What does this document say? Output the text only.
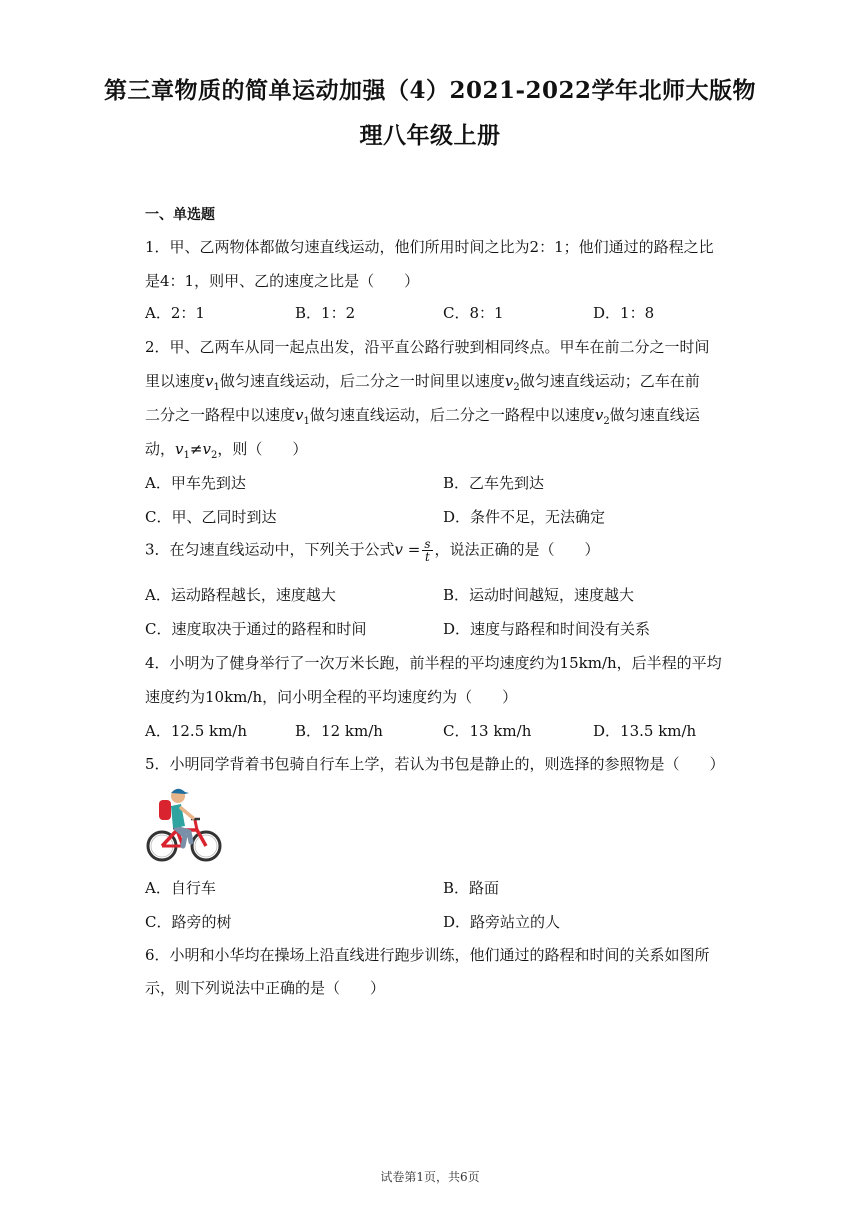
第三章物质的简单运动加强（4）2021-2022学年北师大版物
理八年级上册
一、单选题
1．甲、乙两物体都做匀速直线运动，他们所用时间之比为2：1；他们通过的路程之比
是4：1，则甲、乙的速度之比是（　　）
A．2：1	B．1：2	C．8：1	D．1：8
2．甲、乙两车从同一起点出发，沿平直公路行驶到相同终点。甲车在前二分之一时间
里以速度$v_1$做匀速直线运动，后二分之一时间里以速度$v_2$做匀速直线运动；乙车在前
二分之一路程中以速度$v_1$做匀速直线运动，后二分之一路程中以速度$v_2$做匀速直线运
动，$v_1\ne v_2$，则（　　）
A．甲车先到达	B．乙车先到达
C．甲、乙同时到达	D．条件不足，无法确定
3．在匀速直线运动中，下列关于公式$v = \frac{s}{t}$ ，说法正确的是（　　）
A．运动路程越长，速度越大	B．运动时间越短，速度越大
C．速度取决于通过的路程和时间	D．速度与路程和时间没有关系
4．小明为了健身举行了一次万米长跑，前半程的平均速度约为15km/h，后半程的平均
速度约为10km/h，问小明全程的平均速度约为（　　）
A．12.5 km/h	B．12 km/h	C．13 km/h	D．13.5 km/h
5．小明同学背着书包骑自行车上学，若认为书包是静止的，则选择的参照物是（　　）
A．自行车	B．路面
C．路旁的树	D．路旁站立的人
6．小明和小华均在操场上沿直线进行跑步训练，他们通过的路程和时间的关系如图所
示，则下列说法中正确的是（　　）
试卷第1页，共6页
